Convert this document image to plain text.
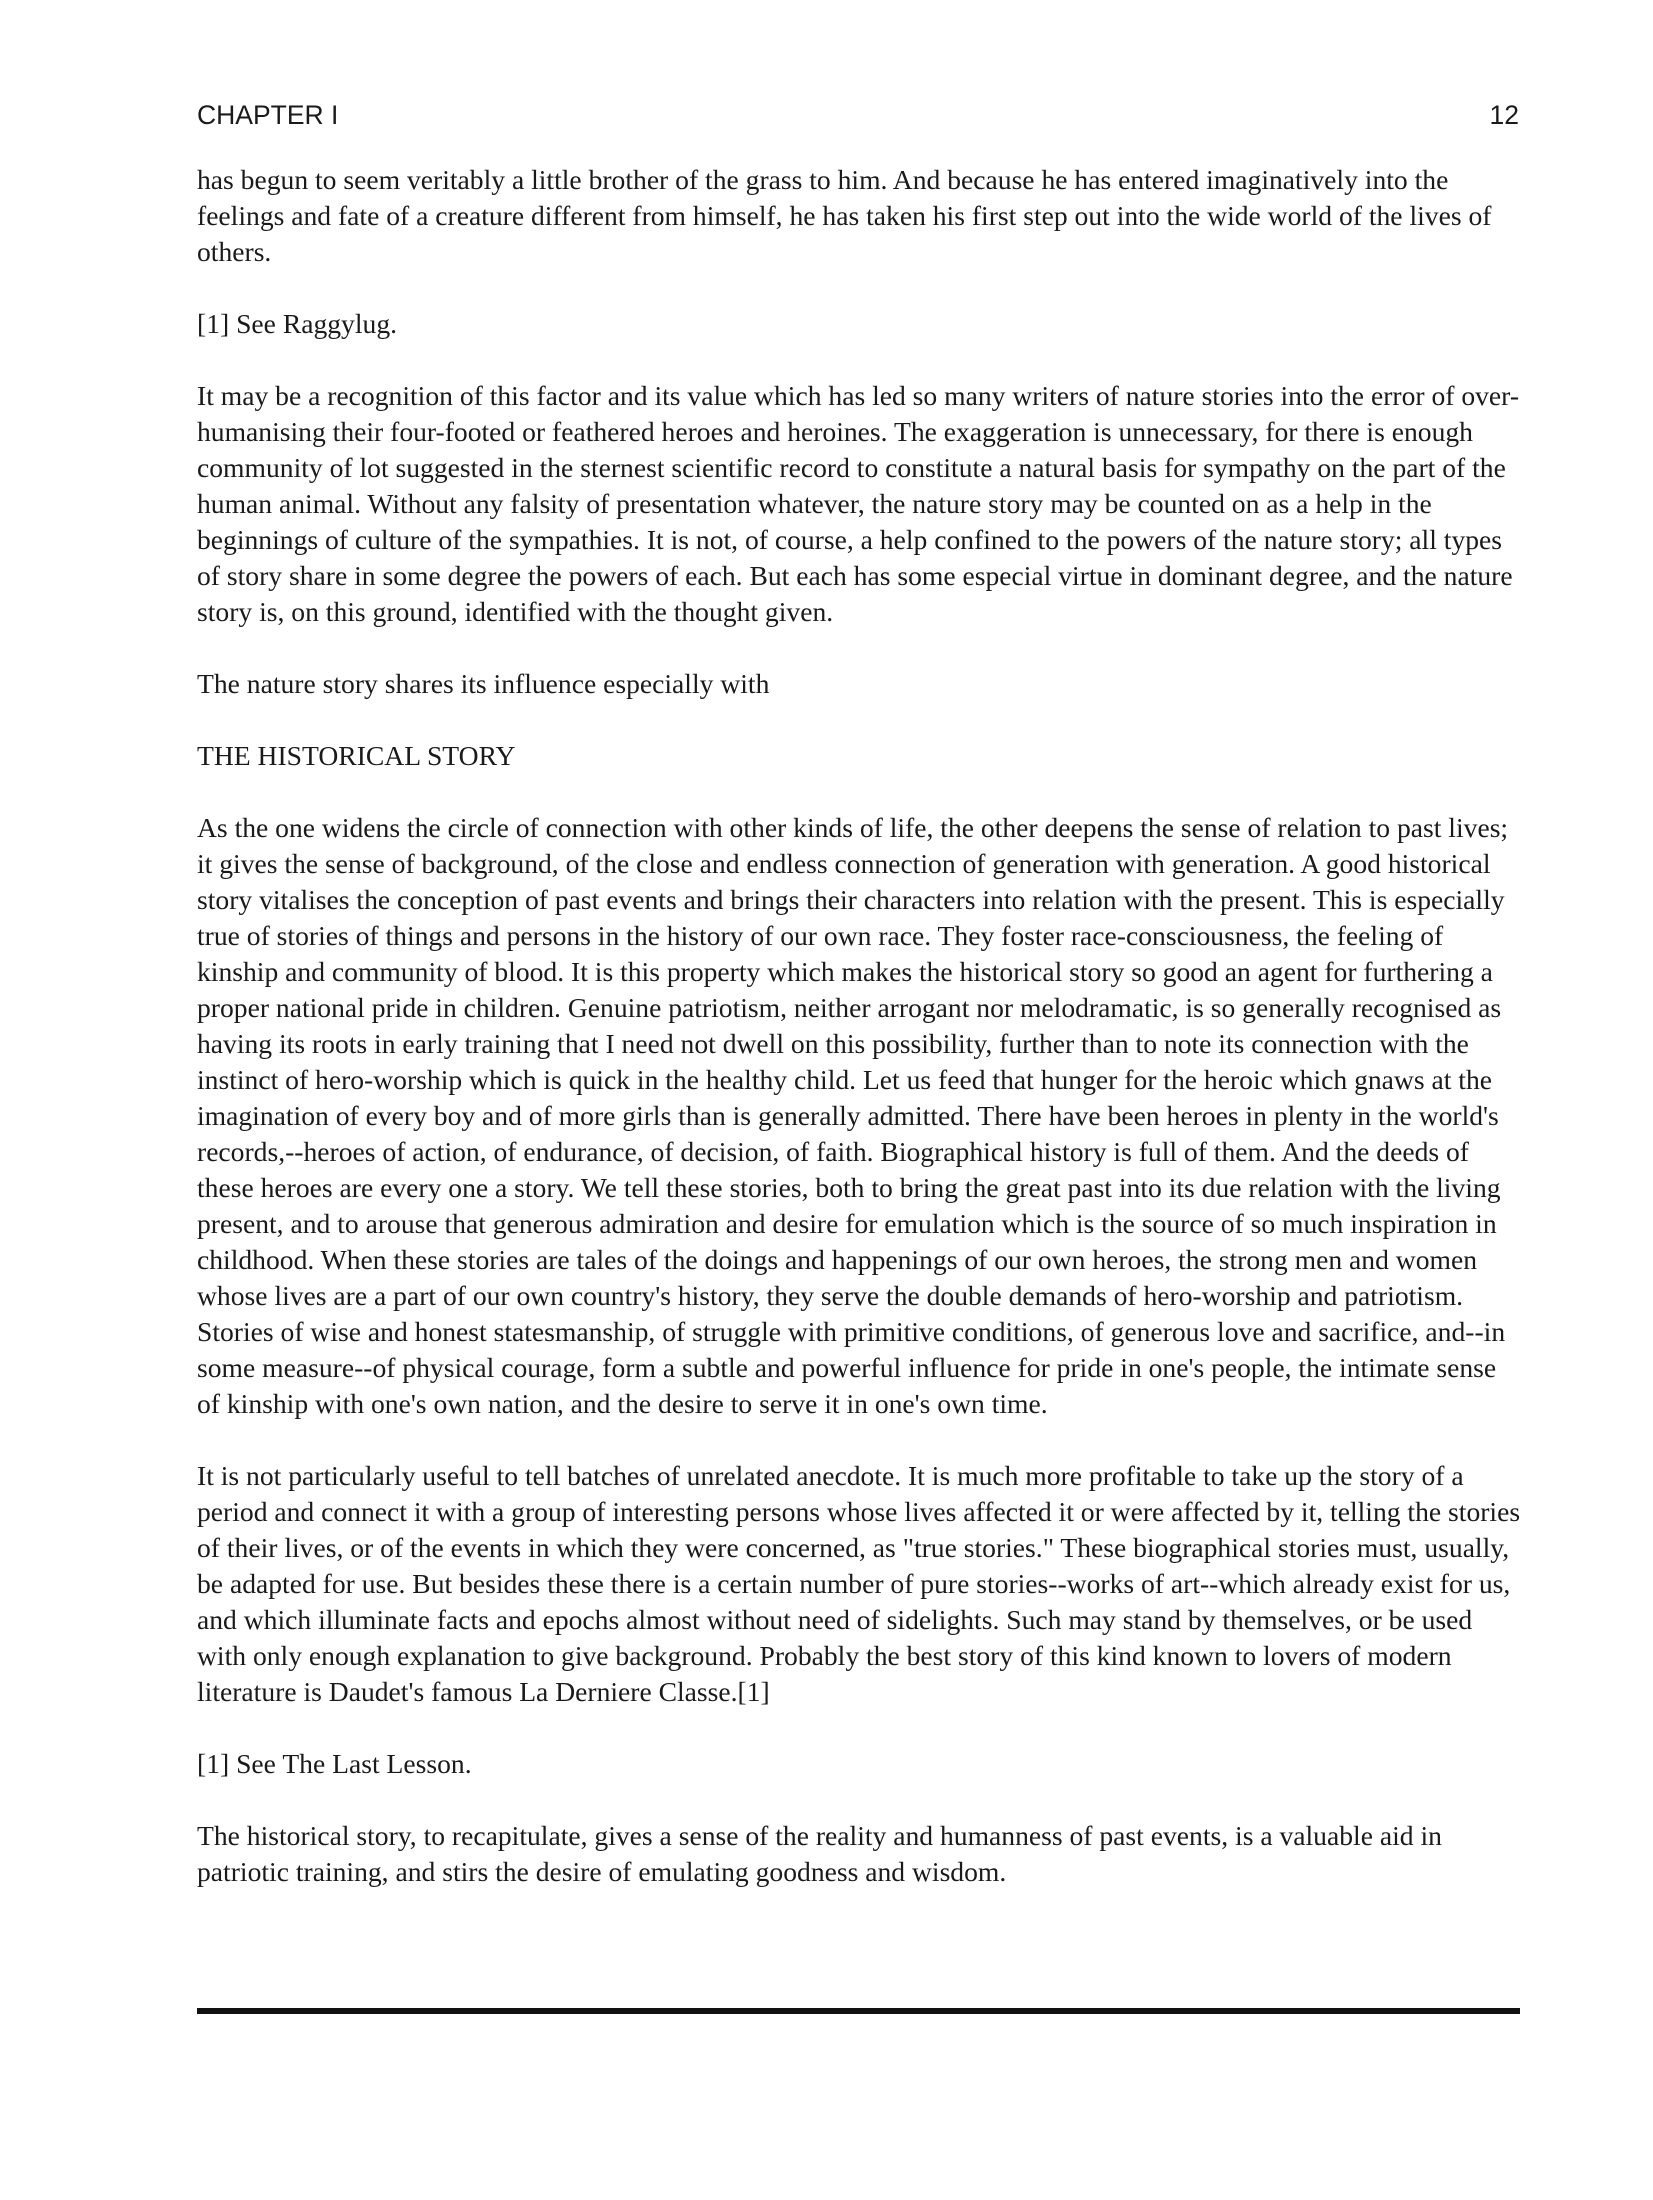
CHAPTER I	12

has begun to seem veritably a little brother of the grass to him. And because he has entered imaginatively into the feelings and fate of a creature different from himself, he has taken his first step out into the wide world of the lives of others.

[1] See Raggylug.

It may be a recognition of this factor and its value which has led so many writers of nature stories into the error of over-humanising their four-footed or feathered heroes and heroines. The exaggeration is unnecessary, for there is enough community of lot suggested in the sternest scientific record to constitute a natural basis for sympathy on the part of the human animal. Without any falsity of presentation whatever, the nature story may be counted on as a help in the beginnings of culture of the sympathies. It is not, of course, a help confined to the powers of the nature story; all types of story share in some degree the powers of each. But each has some especial virtue in dominant degree, and the nature story is, on this ground, identified with the thought given.

The nature story shares its influence especially with

THE HISTORICAL STORY

As the one widens the circle of connection with other kinds of life, the other deepens the sense of relation to past lives; it gives the sense of background, of the close and endless connection of generation with generation. A good historical story vitalises the conception of past events and brings their characters into relation with the present. This is especially true of stories of things and persons in the history of our own race. They foster race-consciousness, the feeling of kinship and community of blood. It is this property which makes the historical story so good an agent for furthering a proper national pride in children. Genuine patriotism, neither arrogant nor melodramatic, is so generally recognised as having its roots in early training that I need not dwell on this possibility, further than to note its connection with the instinct of hero-worship which is quick in the healthy child. Let us feed that hunger for the heroic which gnaws at the imagination of every boy and of more girls than is generally admitted. There have been heroes in plenty in the world's records,--heroes of action, of endurance, of decision, of faith. Biographical history is full of them. And the deeds of these heroes are every one a story. We tell these stories, both to bring the great past into its due relation with the living present, and to arouse that generous admiration and desire for emulation which is the source of so much inspiration in childhood. When these stories are tales of the doings and happenings of our own heroes, the strong men and women whose lives are a part of our own country's history, they serve the double demands of hero-worship and patriotism. Stories of wise and honest statesmanship, of struggle with primitive conditions, of generous love and sacrifice, and--in some measure--of physical courage, form a subtle and powerful influence for pride in one's people, the intimate sense of kinship with one's own nation, and the desire to serve it in one's own time.

It is not particularly useful to tell batches of unrelated anecdote. It is much more profitable to take up the story of a period and connect it with a group of interesting persons whose lives affected it or were affected by it, telling the stories of their lives, or of the events in which they were concerned, as "true stories." These biographical stories must, usually, be adapted for use. But besides these there is a certain number of pure stories--works of art--which already exist for us, and which illuminate facts and epochs almost without need of sidelights. Such may stand by themselves, or be used with only enough explanation to give background. Probably the best story of this kind known to lovers of modern literature is Daudet's famous La Derniere Classe.[1]

[1] See The Last Lesson.

The historical story, to recapitulate, gives a sense of the reality and humanness of past events, is a valuable aid in patriotic training, and stirs the desire of emulating goodness and wisdom.
